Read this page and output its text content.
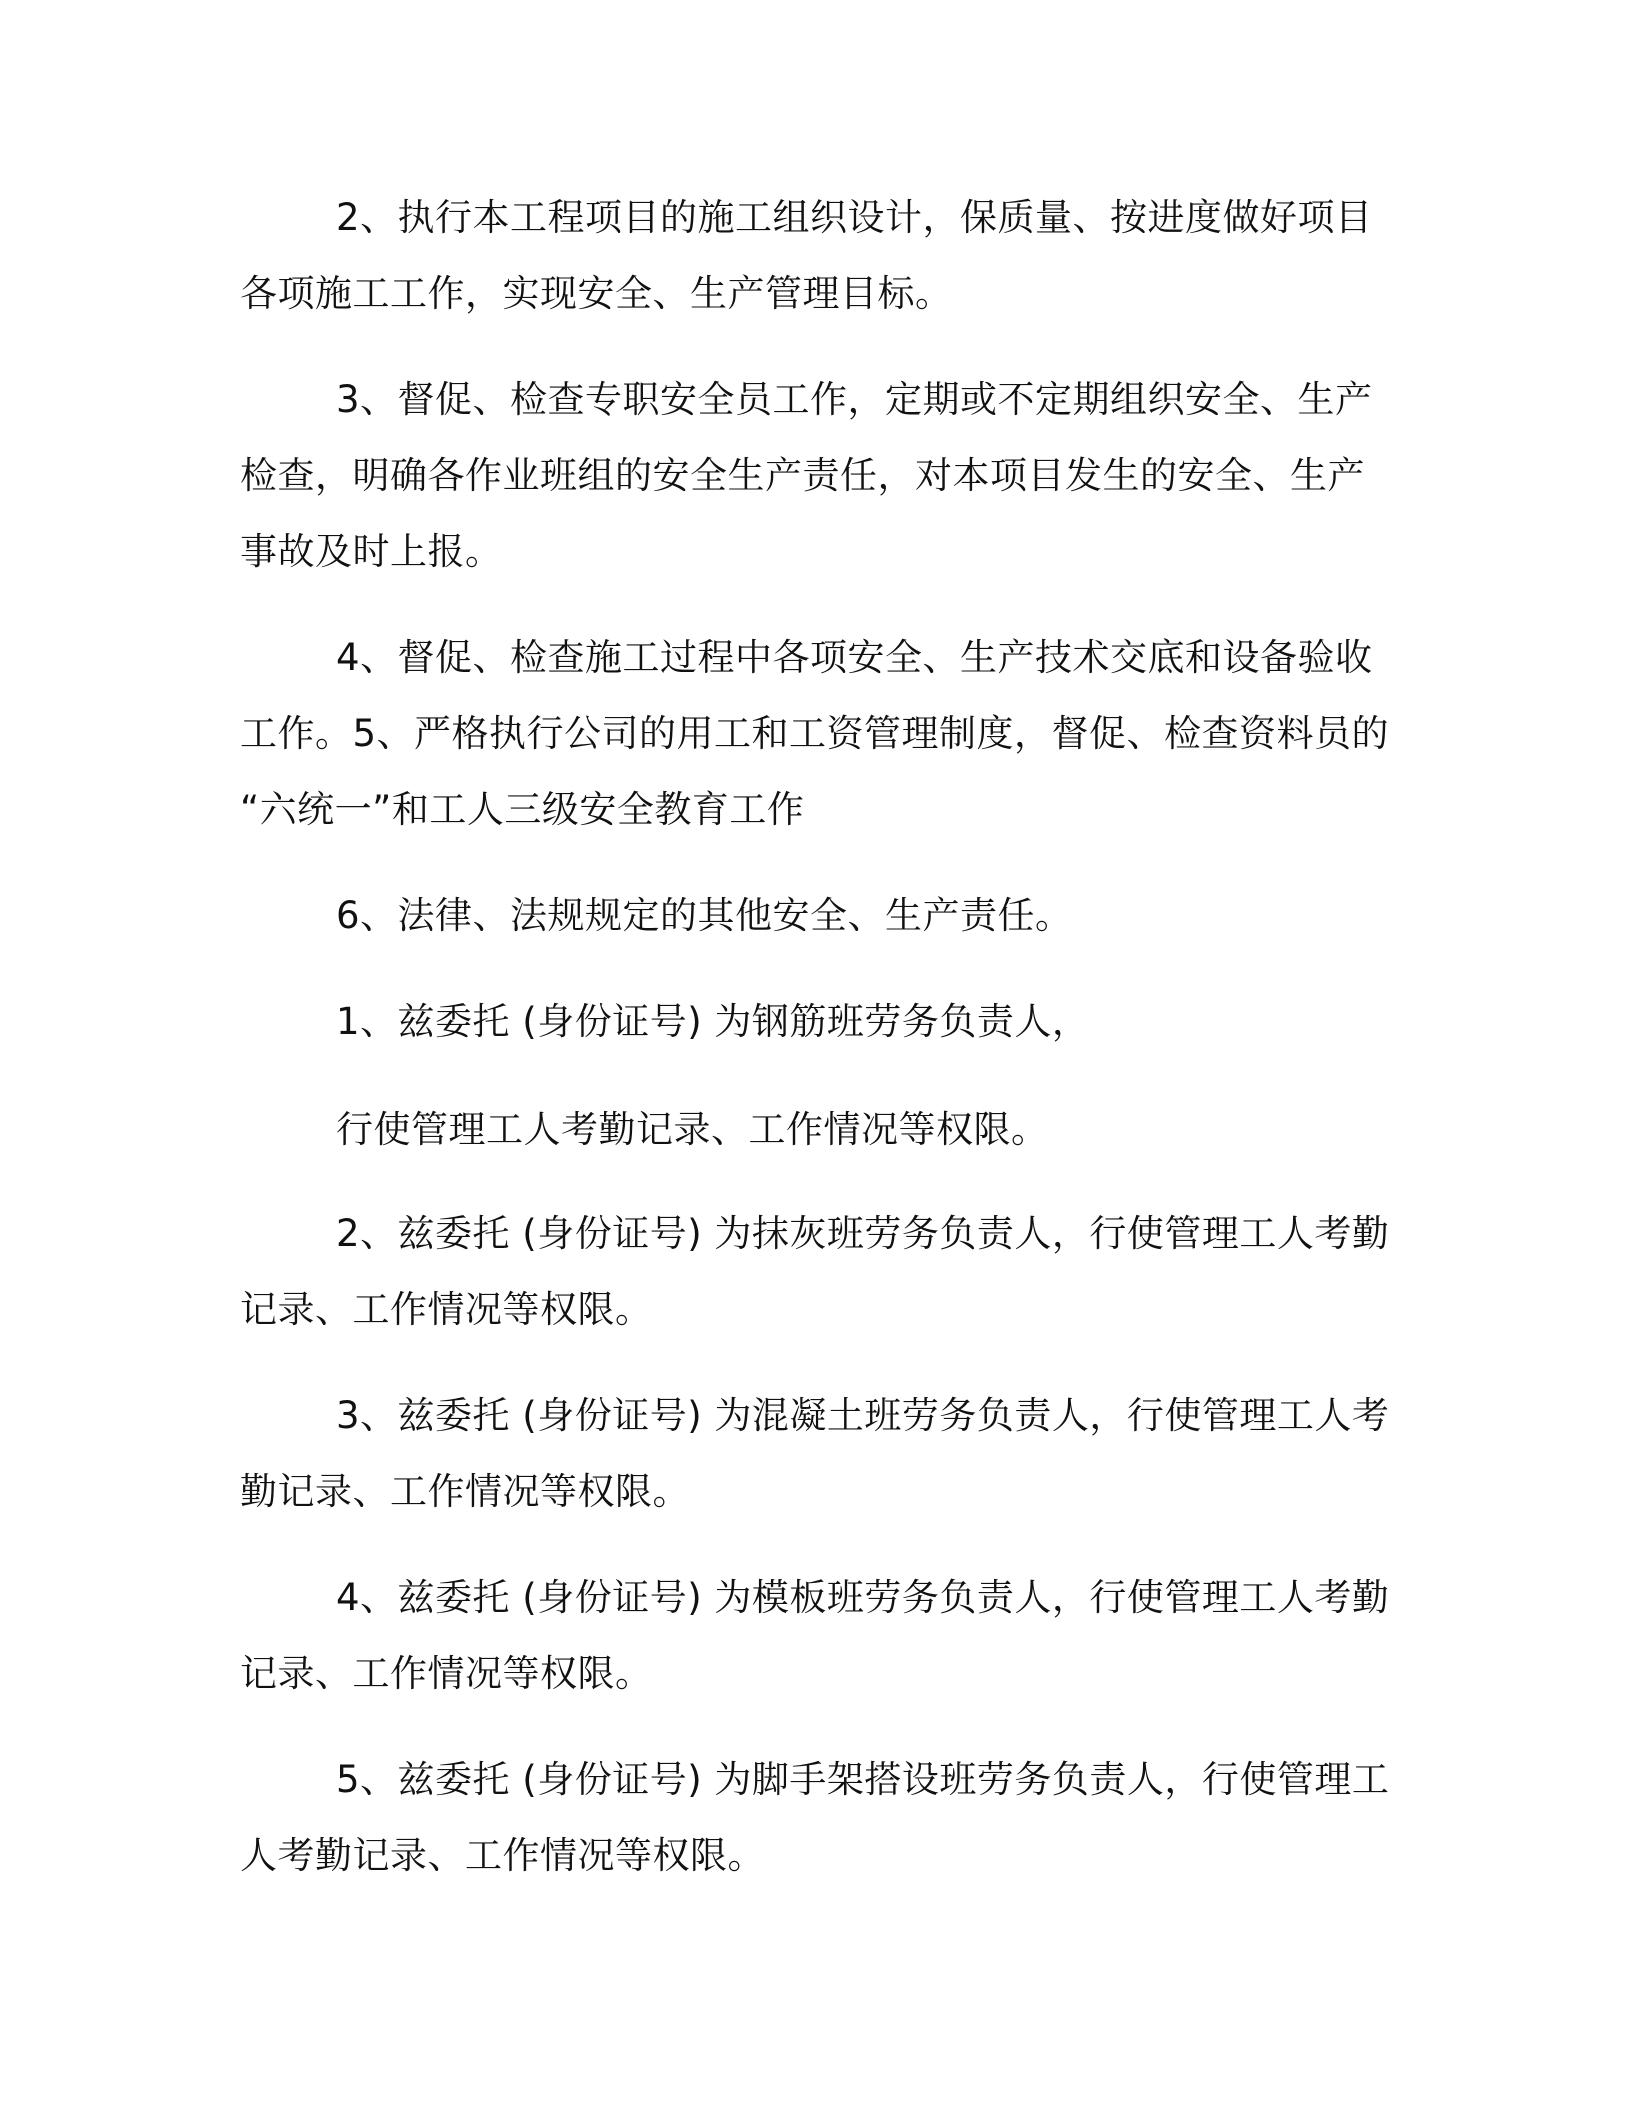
2、执行本工程项目的施工组织设计，保质量、按进度做好项目
各项施工工作，实现安全、生产管理目标。

3、督促、检查专职安全员工作，定期或不定期组织安全、生产
检查，明确各作业班组的安全生产责任，对本项目发生的安全、生产
事故及时上报。

4、督促、检查施工过程中各项安全、生产技术交底和设备验收
工作。5、严格执行公司的用工和工资管理制度，督促、检查资料员的
“六统一”和工人三级安全教育工作

6、法律、法规规定的其他安全、生产责任。

1、兹委托 (身份证号) 为钢筋班劳务负责人，

行使管理工人考勤记录、工作情况等权限。

2、兹委托 (身份证号) 为抹灰班劳务负责人，行使管理工人考勤
记录、工作情况等权限。

3、兹委托 (身份证号) 为混凝土班劳务负责人，行使管理工人考
勤记录、工作情况等权限。

4、兹委托 (身份证号) 为模板班劳务负责人，行使管理工人考勤
记录、工作情况等权限。

5、兹委托 (身份证号) 为脚手架搭设班劳务负责人，行使管理工
人考勤记录、工作情况等权限。
